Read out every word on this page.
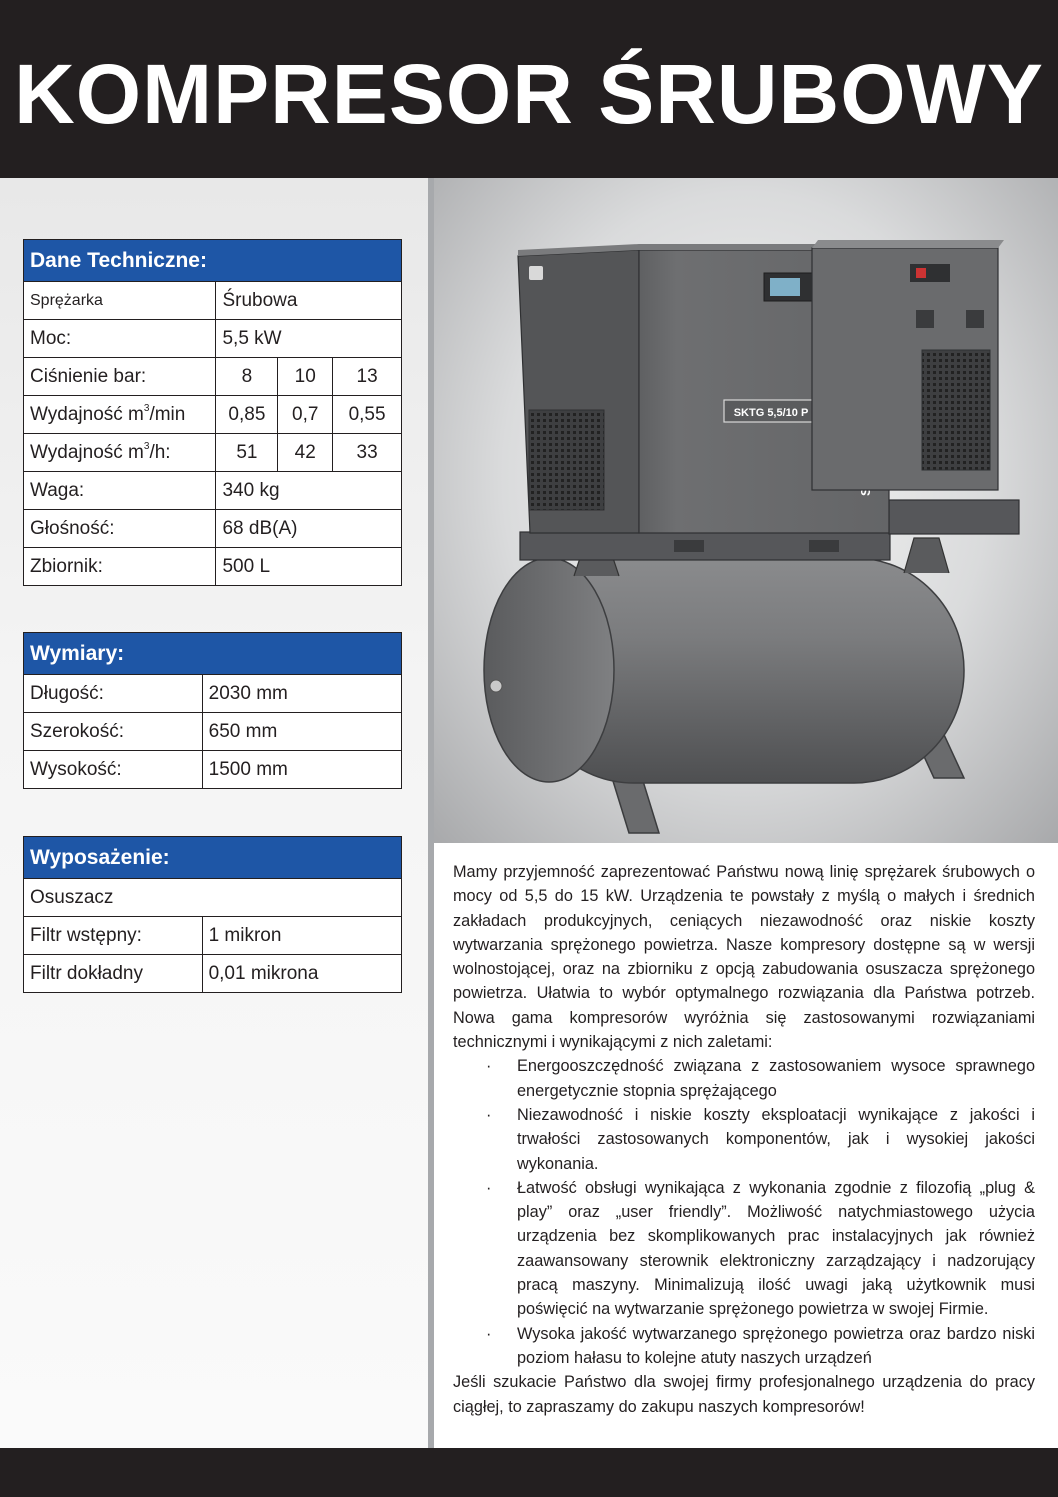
KOMPRESOR ŚRUBOWY
SKTG 5,5/10 P
Dane Techniczne:			
Sprężarka	Śrubowa		
Moc:	5,5 kW		
Ciśnienie bar:	8	10	13
Wydajność $m^3/\min$	0,85	0,7	0,55
Wydajność $m^3/h$:	51	42	33
Waga:	340 kg		
Głośność:	68 dB(A)		
Zbiornik:	500 L		
Wymiary:	
Długość:	2030 mm
Szerokość:	650 mm
Wysokość:	1500 mm
Wyposażenie:	
Osuszacz	
Filtr wstępny:	1 mikron
Filtr dokładny	0,01 mikrona

Mamy przyjemność zaprezentować Państwu nową linię sprężarek śrubowych o mocy od 5,5 do 15 kW. Urządzenia te powstały z myślą o małych i średnich zakładach produkcyjnych, ceniących niezawodność oraz niskie koszty wytwarzania sprężonego powietrza. Nasze kompresory dostępne są w wersji wolnostojącej, oraz na zbiorniku z opcją zabudowania osuszacza sprężonego powietrza. Ułatwia to wybór optymalnego rozwiązania dla Państwa potrzeb. Nowa gama kompresorów wyróżnia się zastosowanymi rozwiązaniami technicznymi i wynikającymi z nich zaletami:

· Energooszczędność związana z zastosowaniem wysoce sprawnego energetycznie stopnia sprężającego
· Niezawodność i niskie koszty eksploatacji wynikające z jakości i trwałości zastosowanych komponentów, jak i wysokiej jakości wykonania.
· Łatwość obsługi wynikająca z wykonania zgodnie z filozofią „plug & play” oraz „user friendly”. Możliwość natychmiastowego użycia urządzenia bez skomplikowanych prac instalacyjnych jak również zaawansowany sterownik elektroniczny zarządzający i nadzorujący pracą maszyny. Minimalizują ilość uwagi jaką użytkownik musi poświęcić na wytwarzanie sprężonego powietrza w swojej Firmie.
· Wysoka jakość wytwarzanego sprężonego powietrza oraz bardzo niski poziom hałasu to kolejne atuty naszych urządzeń

Jeśli szukacie Państwo dla swojej firmy profesjonalnego urządzenia do pracy ciągłej, to zapraszamy do zakupu naszych kompresorów!
